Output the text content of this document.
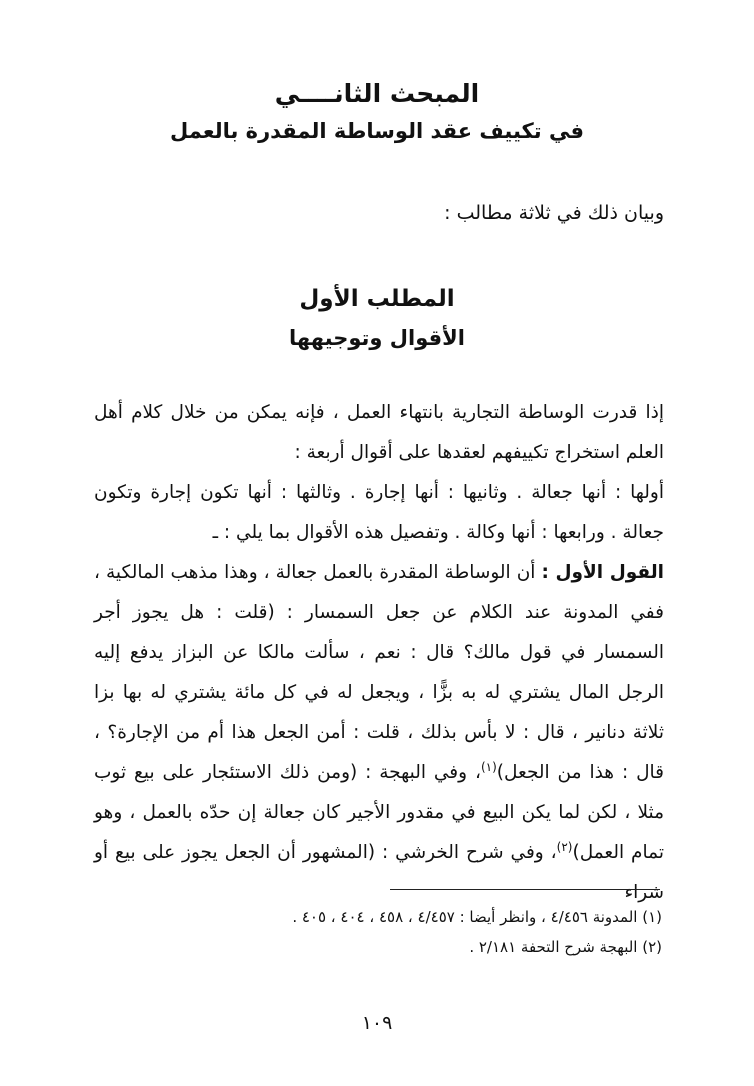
المبحث الثانــــي
في تكييف عقد الوساطة المقدرة بالعمل
وبيان ذلك في ثلاثة مطالب :
المطلب الأول
الأقوال وتوجيهها

إذا قدرت الوساطة التجارية بانتهاء العمل ، فإنه يمكن من خلال كلام أهل العلم استخراج تكييفهم لعقدها على أقوال أربعة :

أولها : أنها جعالة . وثانيها : أنها إجارة . وثالثها : أنها تكون إجارة وتكون جعالة . ورابعها : أنها وكالة . وتفصيل هذه الأقوال بما يلي : ـ

القول الأول : أن الوساطة المقدرة بالعمل جعالة ، وهذا مذهب المالكية ، ففي المدونة عند الكلام عن جعل السمسار : (قلت : هل يجوز أجر السمسار في قول مالك؟ قال : نعم ، سألت مالكا عن البزاز يدفع إليه الرجل المال يشتري له به بزًّا ، ويجعل له في كل مائة يشتري له بها بزا ثلاثة دنانير ، قال : لا بأس بذلك ، قلت : أمن الجعل هذا أم من الإجارة؟ ، قال : هذا من الجعل)$^{(١)}$، وفي البهجة : (ومن ذلك الاستئجار على بيع ثوب مثلا ، لكن لما يكن البيع في مقدور الأجير كان جعالة إن حدّه بالعمل ، وهو تمام العمل)$^{(٢)}$، وفي شرح الخرشي : (المشهور أن الجعل يجوز على بيع أو شراء

(١) المدونة ٤/٤٥٦ ، وانظر أيضا : ٤/٤٥٧ ، ٤٥٨ ، ٤٠٤ ، ٤٠٥ .

(٢) البهجة شرح التحفة ٢/١٨١ .

١٠٩
